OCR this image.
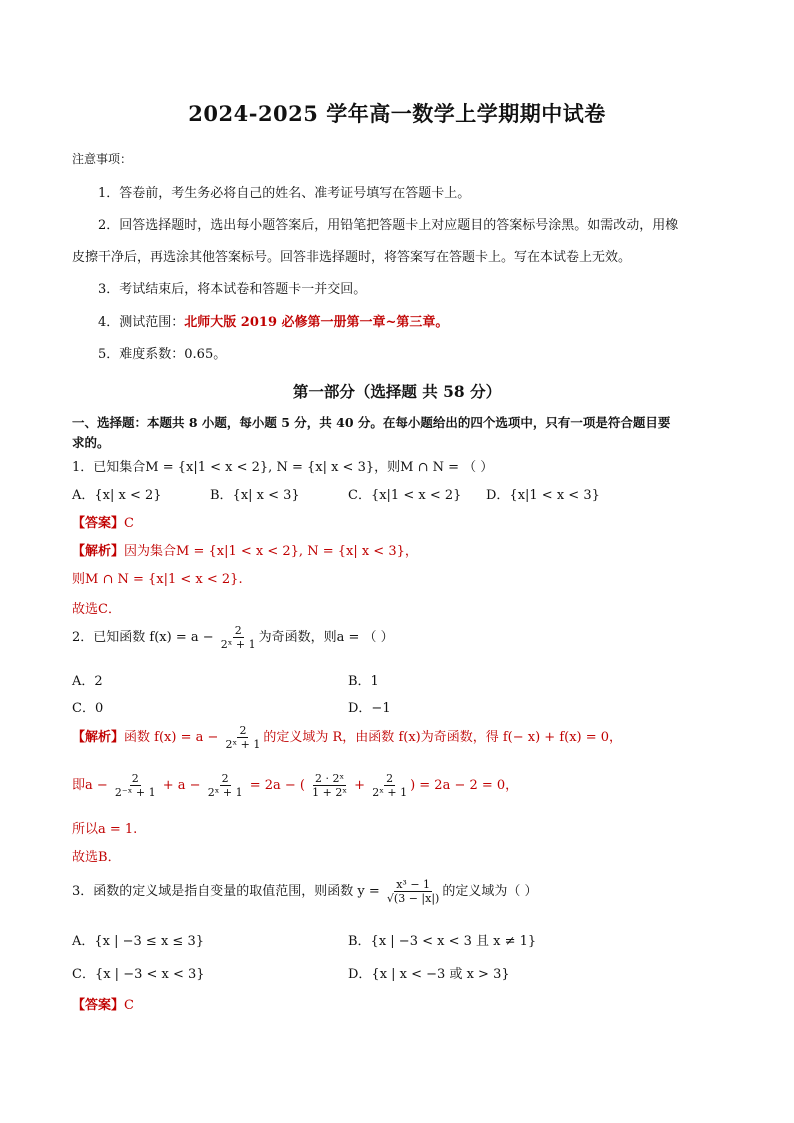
2024-2025 学年高一数学上学期期中试卷
注意事项：
1．答卷前，考生务必将自己的姓名、准考证号填写在答题卡上。
2．回答选择题时，选出每小题答案后，用铅笔把答题卡上对应题目的答案标号涂黑。如需改动，用橡
皮擦干净后，再选涂其他答案标号。回答非选择题时，将答案写在答题卡上。写在本试卷上无效。
3．考试结束后，将本试卷和答题卡一并交回。
4．测试范围：北师大版 2019 必修第一册第一章~第三章。
5．难度系数：0.65。
第一部分（选择题 共 58 分）
一、选择题：本题共 8 小题，每小题 5 分，共 40 分。在每小题给出的四个选项中，只有一项是符合题目要
求的。
1．已知集合M = {x|1 < x < 2}, N = {x| x < 3}，则M ∩ N = （ ）
A．{x| x < 2}	B．{x| x < 3}	C．{x|1 < x < 2} D．{x|1 < x < 3}
【答案】C
【解析】因为集合M = {x|1 < x < 2}, N = {x| x < 3}，
则M ∩ N = {x|1 < x < 2}.
故选C．
2．已知函数 $f(x) = a - \frac{2}{\text{2ˣ + 1}}$ 为奇函数，则a = （ ）
A．2	B．1
C．0	D．−1
【解析】函数 $f(x) = a - \frac{2}{\text{2ˣ + 1}}$ 的定义域为 R，由函数 f(x)为奇函数，得 f(− x) + f(x) = 0，
即$a - \frac{2}{\text{2⁻ˣ + 1}} + a - \frac{2}{\text{2ˣ + 1}} = 2a$ − ( $\frac{\text{2 · 2ˣ}}{\text{1 + 2ˣ}} + \frac{2}{\text{2ˣ + 1}}$ ) = 2a − 2 = 0，
所以a = 1.
故选B．
3．函数的定义域是指自变量的取值范围，则函数 $y = \frac{\text{x³ − 1}}{√(3 - |x|)}$ 的定义域为（ ）
A．{x | −3 ≤ x ≤ 3}	B．{x | −3 < x < 3 且 x ≠ 1}
C．{x | −3 < x < 3}	D．{x | x < −3 或 x > 3}
【答案】C
